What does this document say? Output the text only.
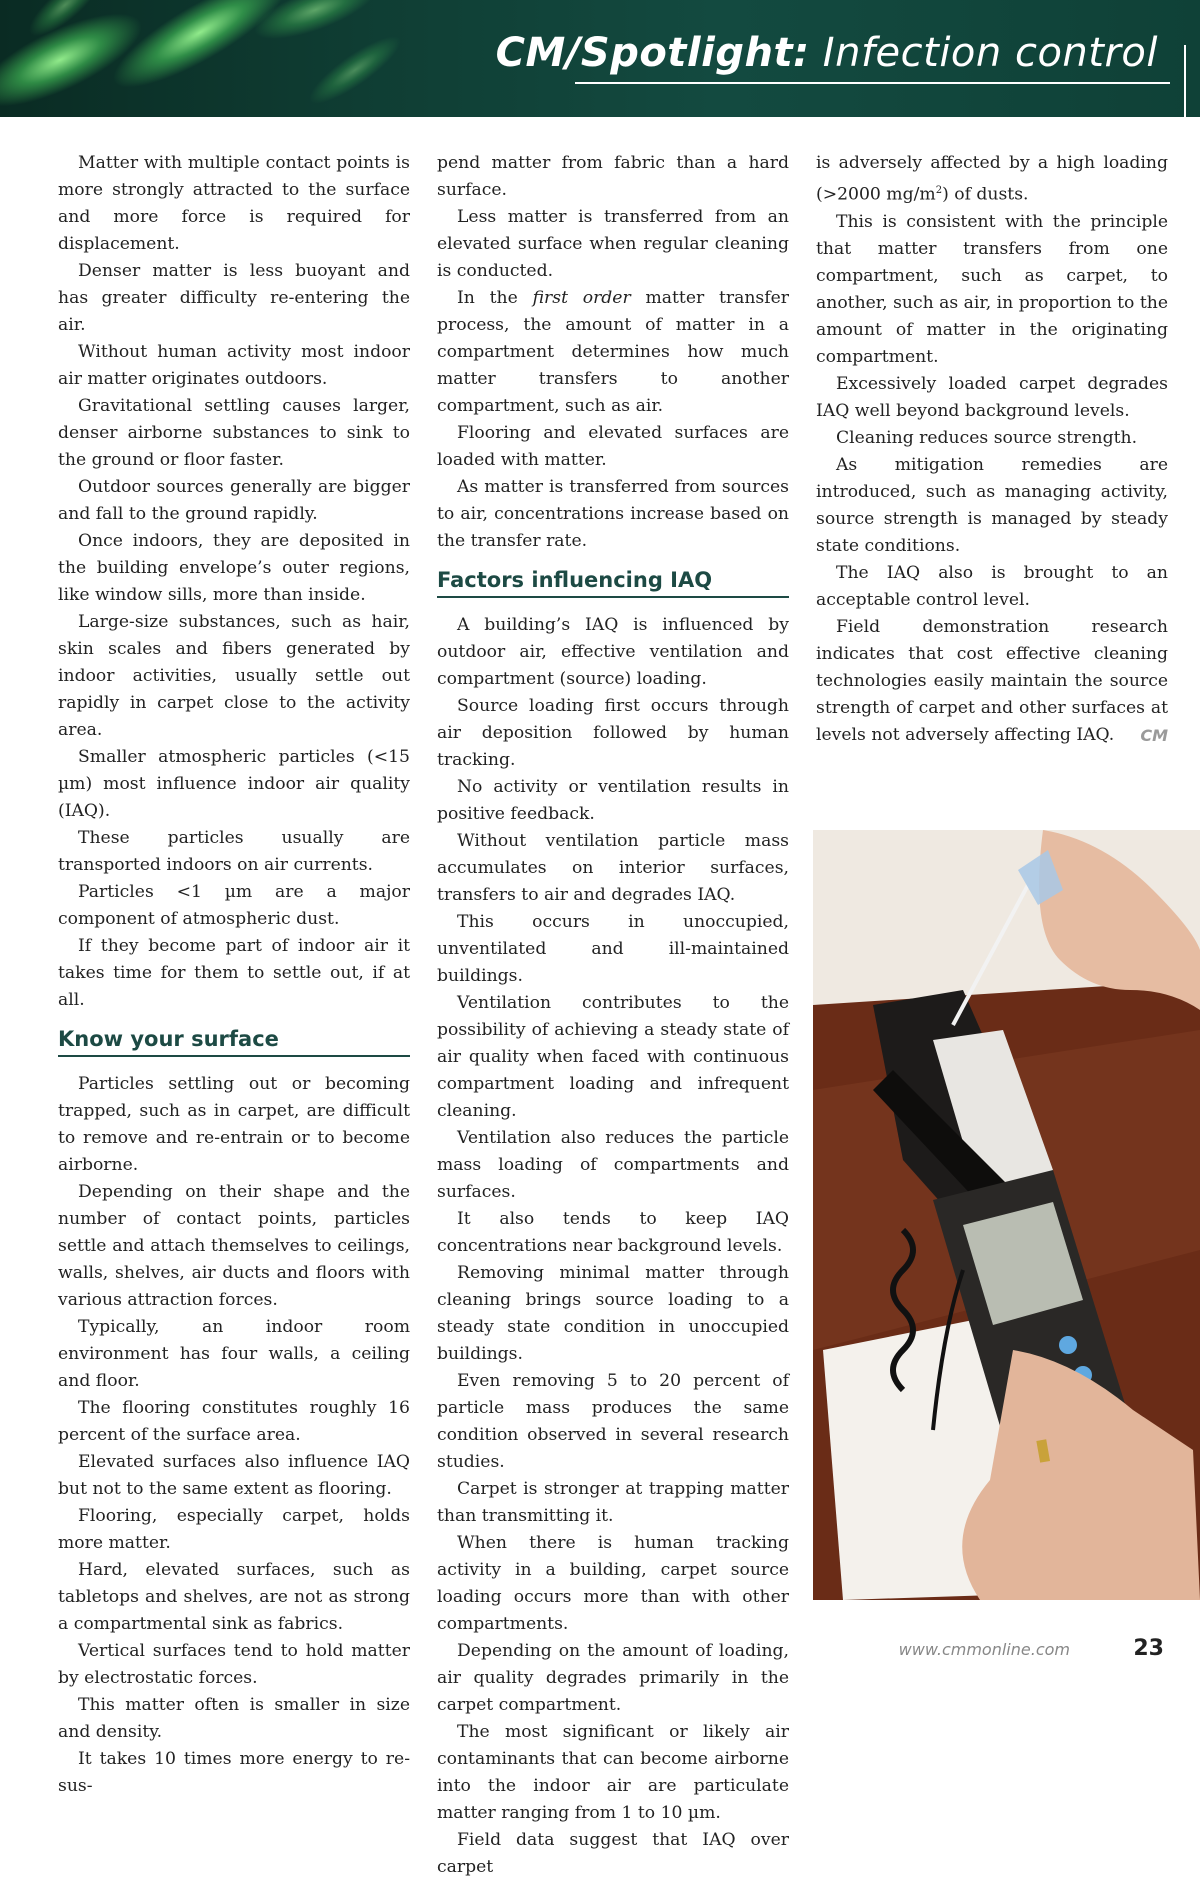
CM/Spotlight: Infection control

Matter with multiple contact points is more strongly attracted to the surface and more force is required for displacement.

Denser matter is less buoyant and has greater difficulty re-entering the air.

Without human activity most indoor air matter originates outdoors.

Gravitational settling causes larger, denser airborne substances to sink to the ground or floor faster.

Outdoor sources generally are bigger and fall to the ground rapidly.

Once indoors, they are deposited in the building envelope’s outer regions, like window sills, more than inside.

Large-size substances, such as hair, skin scales and fibers generated by indoor activities, usually settle out rapidly in carpet close to the activity area.

Smaller atmospheric particles (<15 µm) most influence indoor air quality (IAQ).

These particles usually are transported indoors on air currents.

Particles <1 µm are a major component of atmospheric dust.

If they become part of indoor air it takes time for them to settle out, if at all.

Know your surface

Particles settling out or becoming trapped, such as in carpet, are difficult to remove and re-entrain or to become airborne.

Depending on their shape and the number of contact points, particles settle and attach themselves to ceilings, walls, shelves, air ducts and floors with various attraction forces.

Typically, an indoor room environment has four walls, a ceiling and floor.

The flooring constitutes roughly 16 percent of the surface area.

Elevated surfaces also influence IAQ but not to the same extent as flooring.

Flooring, especially carpet, holds more matter.

Hard, elevated surfaces, such as tabletops and shelves, are not as strong a compartmental sink as fabrics.

Vertical surfaces tend to hold matter by electrostatic forces.

This matter often is smaller in size and density.

It takes 10 times more energy to re-sus-

pend matter from fabric than a hard surface.

Less matter is transferred from an elevated surface when regular cleaning is conducted.

In the first order matter transfer process, the amount of matter in a compartment determines how much matter transfers to another compartment, such as air.

Flooring and elevated surfaces are loaded with matter.

As matter is transferred from sources to air, concentrations increase based on the transfer rate.

Factors influencing IAQ

A building’s IAQ is influenced by outdoor air, effective ventilation and compartment (source) loading.

Source loading first occurs through air deposition followed by human tracking.

No activity or ventilation results in positive feedback.

Without ventilation particle mass accumulates on interior surfaces, transfers to air and degrades IAQ.

This occurs in unoccupied, unventilated and ill-maintained buildings.

Ventilation contributes to the possibility of achieving a steady state of air quality when faced with continuous compartment loading and infrequent cleaning.

Ventilation also reduces the particle mass loading of compartments and surfaces.

It also tends to keep IAQ concentrations near background levels.

Removing minimal matter through cleaning brings source loading to a steady state condition in unoccupied buildings.

Even removing 5 to 20 percent of particle mass produces the same condition observed in several research studies.

Carpet is stronger at trapping matter than transmitting it.

When there is human tracking activity in a building, carpet source loading occurs more than with other compartments.

Depending on the amount of loading, air quality degrades primarily in the carpet compartment.

The most significant or likely air contaminants that can become airborne into the indoor air are particulate matter ranging from 1 to 10 µm.

Field data suggest that IAQ over carpet

is adversely affected by a high loading (>2000 $mg/m^2$) of dusts.

This is consistent with the principle that matter transfers from one compartment, such as carpet, to another, such as air, in proportion to the amount of matter in the originating compartment.

Excessively loaded carpet degrades IAQ well beyond background levels.

Cleaning reduces source strength.

As mitigation remedies are introduced, such as managing activity, source strength is managed by steady state conditions.

The IAQ also is brought to an acceptable control level.

Field demonstration research indicates that cost effective cleaning technologies easily maintain the source strength of carpet and other surfaces at levels not adversely affecting IAQ.	CM

www.cmmonline.com	23
